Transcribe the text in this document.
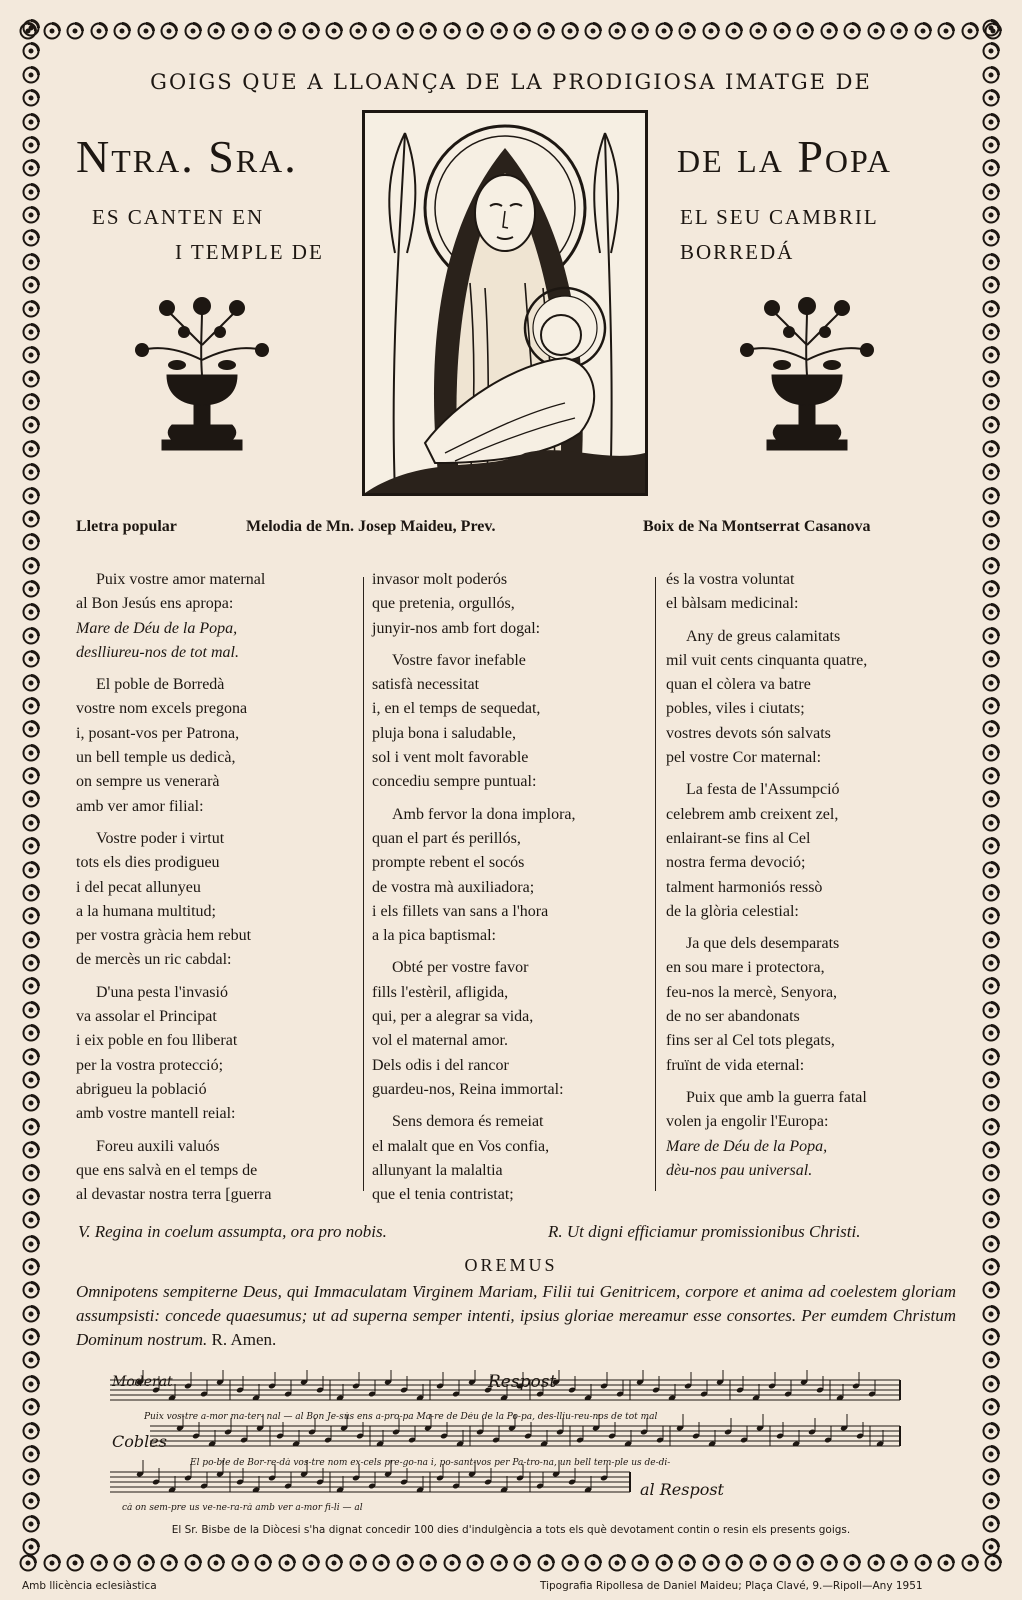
GOIGS QUE A LLOANÇA DE LA PRODIGIOSA IMATGE DE
Ntra. Sra.	de la Popa
ES CANTEN EN
I TEMPLE DE
EL SEU CAMBRIL
BORREDÁ
Lletra popular	Melodia de Mn. Josep Maideu, Prev.	Boix de Na Montserrat Casanova
Puix vostre amor maternal
al Bon Jesús ens apropa:
Mare de Déu de la Popa,
deslliureu-nos de tot mal.
El poble de Borredà
vostre nom excels pregona
i, posant-vos per Patrona,
un bell temple us dedicà,
on sempre us venerarà
amb ver amor filial:
Vostre poder i virtut
tots els dies prodigueu
i del pecat allunyeu
a la humana multitud;
per vostra gràcia hem rebut
de mercès un ric cabdal:
D'una pesta l'invasió
va assolar el Principat
i eix poble en fou lliberat
per la vostra protecció;
abrigueu la població
amb vostre mantell reial:
Foreu auxili valuós
que ens salvà en el temps de
al devastar nostra terra [guerra
invasor molt poderós
que pretenia, orgullós,
junyir-nos amb fort dogal:
Vostre favor inefable
satisfà necessitat
i, en el temps de sequedat,
pluja bona i saludable,
sol i vent molt favorable
concediu sempre puntual:
Amb fervor la dona implora,
quan el part és perillós,
prompte rebent el socós
de vostra mà auxiliadora;
i els fillets van sans a l'hora
a la pica baptismal:
Obté per vostre favor
fills l'estèril, afligida,
qui, per a alegrar sa vida,
vol el maternal amor.
Dels odis i del rancor
guardeu-nos, Reina immortal:
Sens demora és remeiat
el malalt que en Vos confia,
allunyant la malaltia
que el tenia contristat;
és la vostra voluntat
el bàlsam medicinal:
Any de greus calamitats
mil vuit cents cinquanta quatre,
quan el còlera va batre
pobles, viles i ciutats;
vostres devots són salvats
pel vostre Cor maternal:
La festa de l'Assumpció
celebrem amb creixent zel,
enlairant-se fins al Cel
nostra ferma devoció;
talment harmoniós ressò
de la glòria celestial:
Ja que dels desemparats
en sou mare i protectora,
feu-nos la mercè, Senyora,
de no ser abandonats
fins ser al Cel tots plegats,
fruïnt de vida eternal:
Puix que amb la guerra fatal
volen ja engolir l'Europa:
Mare de Déu de la Popa,
dèu-nos pau universal.
V. Regina in coelum assumpta, ora pro nobis.	R. Ut digni efficiamur promissionibus Christi.
OREMUS
Omnipotens sempiterne Deus, qui Immaculatam Virginem Mariam, Filii tui Genitricem, corpore et anima ad coelestem gloriam assumpsisti: concede quaesumus; ut ad superna semper intenti, ipsius gloriae mereamur esse consortes. Per eumdem Christum Dominum nostrum. R. Amen.
Moderat	Respost
Cobles
al Respost
Puix vos-tre a-mor ma-ter- nal — al Bon Je-sús ens a-pro-pa Ma-re de Déu de la Po-pa, des-lliu-reu-nos de tot mal
El po-ble de Bor-re-dà vos-tre nom ex-cels pre-go-na i, po-sant-vos per Pa-tro-na, un bell tem-ple us de-di-
cà on sem-pre us ve-ne-ra-rà amb ver a-mor fi-li — al
El Sr. Bisbe de la Diòcesi s'ha dignat concedir 100 dies d'indulgència a tots els què devotament contin o resin els presents goigs.
Amb llicència eclesiàstica	Tipografia Ripollesa de Daniel Maideu; Plaça Clavé, 9.—Ripoll—Any 1951
